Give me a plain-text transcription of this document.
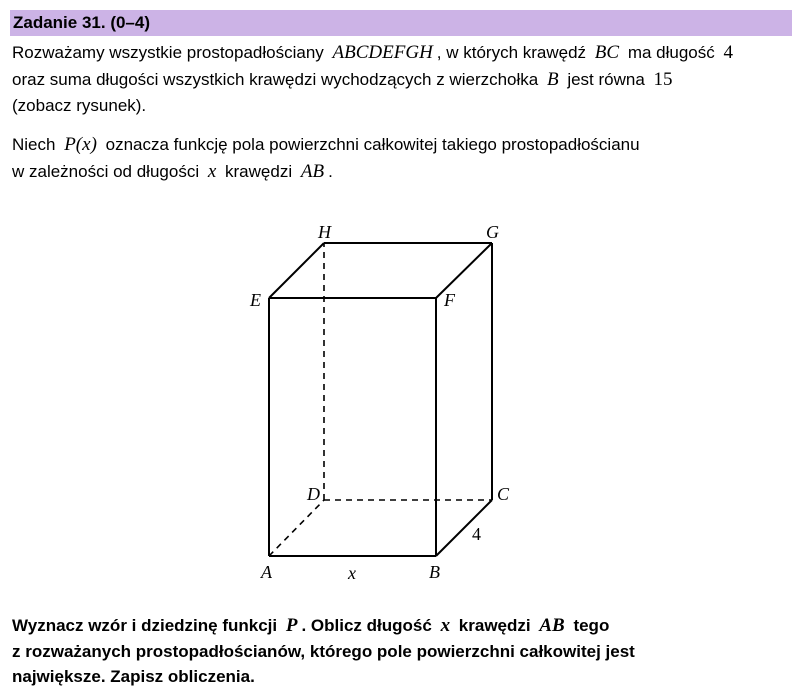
Zadanie 31. (0–4)
Rozważamy wszystkie prostopadłościany ABCDEFGH , w których krawędź BC ma długość 4
oraz suma długości wszystkich krawędzi wychodzących z wierzchołka B jest równa 15
(zobacz rysunek).
Niech P(x) oznacza funkcję pola powierzchni całkowitej takiego prostopadłościanu
w zależności od długości x krawędzi AB .
A	B
C
D
E	F
G
H
x
4
Wyznacz wzór i dziedzinę funkcji P . Oblicz długość x krawędzi AB tego
z rozważanych prostopadłościanów, którego pole powierzchni całkowitej jest
największe. Zapisz obliczenia.
